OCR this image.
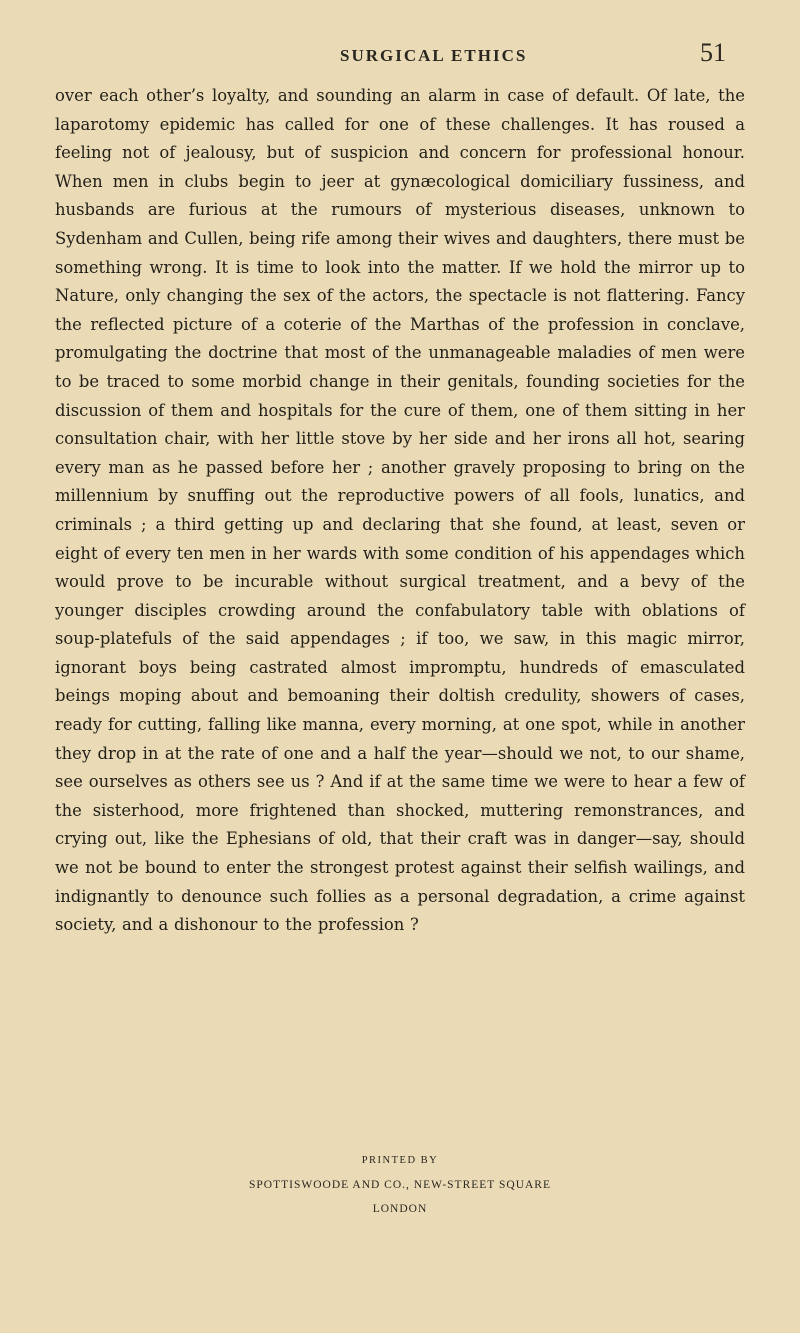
SURGICAL ETHICS	51

over each other’s loyalty, and sounding an alarm in case of default. Of late, the laparotomy epidemic has called for one of these challenges. It has roused a feeling not of jealousy, but of suspicion and concern for professional honour. When men in clubs begin to jeer at gynæcological domiciliary fussiness, and husbands are furious at the rumours of mysterious diseases, unknown to Sydenham and Cullen, being rife among their wives and daughters, there must be something wrong. It is time to look into the matter. If we hold the mirror up to Nature, only changing the sex of the actors, the spectacle is not flattering. Fancy the reflected picture of a coterie of the Marthas of the profession in conclave, promulgating the doctrine that most of the unmanageable maladies of men were to be traced to some morbid change in their genitals, founding societies for the discussion of them and hospitals for the cure of them, one of them sitting in her consultation chair, with her little stove by her side and her irons all hot, searing every man as he passed before her ; another gravely proposing to bring on the millennium by snuffing out the reproductive powers of all fools, lunatics, and criminals ; a third getting up and declaring that she found, at least, seven or eight of every ten men in her wards with some condition of his appendages which would prove to be incurable without surgical treatment, and a bevy of the younger disciples crowding around the confabulatory table with oblations of soup-platefuls of the said appendages ; if too, we saw, in this magic mirror, ignorant boys being castrated almost impromptu, hundreds of emasculated beings moping about and bemoaning their doltish credulity, showers of cases, ready for cutting, falling like manna, every morning, at one spot, while in another they drop in at the rate of one and a half the year—should we not, to our shame, see ourselves as others see us ? And if at the same time we were to hear a few of the sisterhood, more frightened than shocked, muttering remonstrances, and crying out, like the Ephesians of old, that their craft was in danger—say, should we not be bound to enter the strongest protest against their selfish wailings, and indignantly to denounce such follies as a personal degradation, a crime against society, and a dishonour to the profession ?

PRINTED BY
SPOTTISWOODE AND CO., NEW-STREET SQUARE
LONDON
